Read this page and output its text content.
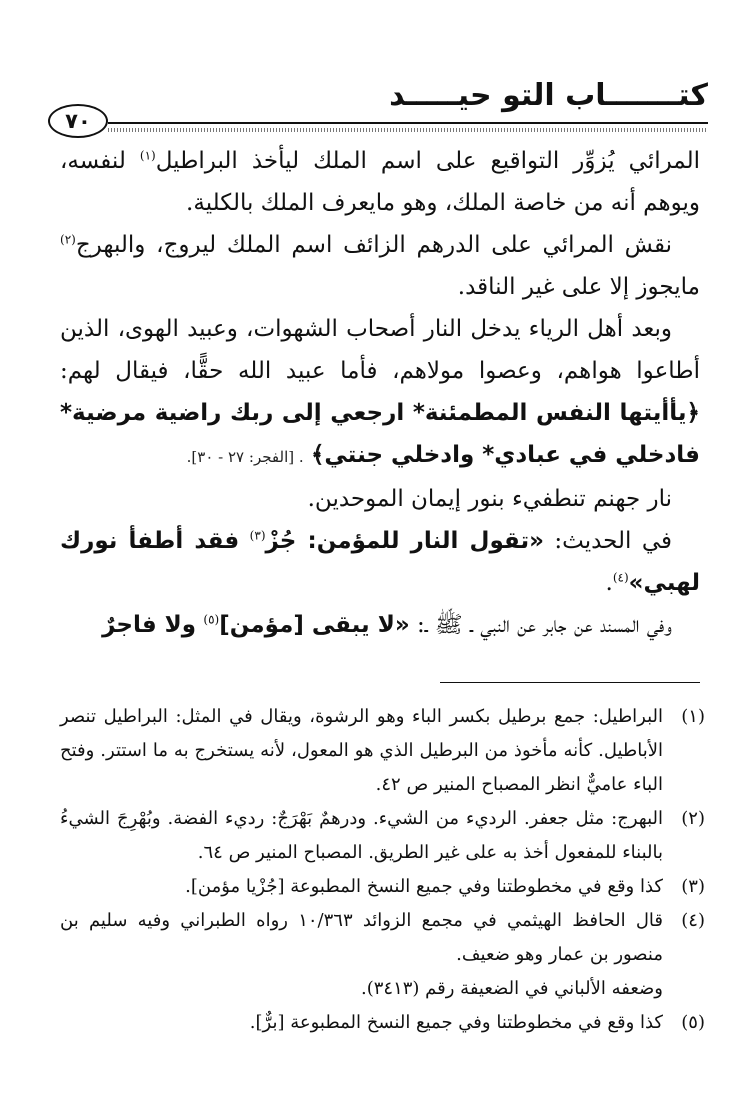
كتـــــــاب التو حيـــــد
٧٠

المرائي يُزوِّر التواقيع على اسم الملك ليأخذ البراطيل$^{(١)}$ لنفسه، ويوهم أنه من خاصة الملك، وهو مايعرف الملك بالكلية.

نقش المرائي على الدرهم الزائف اسم الملك ليروج، والبهرج$^{(٢)}$ مايجوز إلا على غير الناقد.

وبعد أهل الرياء يدخل النار أصحاب الشهوات، وعبيد الهوى، الذين أطاعوا هواهم، وعصوا مولاهم، فأما عبيد الله حقًّا، فيقال لهم: ﴿يأأيتها النفس المطمئنة* ارجعي إلى ربك راضية مرضية* فادخلي في عبادي* وادخلي جنتي﴾ . [الفجر: ٢٧ - ٣٠].

نار جهنم تنطفيء بنور إيمان الموحدين.

في الحديث: «تقول النار للمؤمن: جُزْ$^{(٣)}$ فقد أطفأ نورك لهبي»$^{(٤)}$.

وفي المسند عن جابر عن النبي ـ ﷺ ـ: «لا يبقى [مؤمن]$^{(٥)}$ ولا فاجرٌ

(١)
البراطيل: جمع برطيل بكسر الباء وهو الرشوة، ويقال في المثل: البراطيل تنصر الأباطيل. كأنه مأخوذ من البرطيل الذي هو المعول، لأنه يستخرج به ما استتر. وفتح الباء عاميٌّ انظر المصباح المنير ص ٤٢.
(٢)
البهرج: مثل جعفر. الرديء من الشيء. ودرهمٌ بَهْرَجٌ: رديء الفضة. وبُهْرِجَ الشيءُ بالبناء للمفعول أخذ به على غير الطريق. المصباح المنير ص ٦٤.
(٣)
كذا وقع في مخطوطتنا وفي جميع النسخ المطبوعة [جُزْيا مؤمن].
(٤)
قال الحافظ الهيثمي في مجمع الزوائد ١٠/٣٦٣ رواه الطبراني وفيه سليم بن منصور بن عمار وهو ضعيف.
وضعفه الألباني في الضعيفة رقم (٣٤١٣).
(٥)
كذا وقع في مخطوطتنا وفي جميع النسخ المطبوعة [برٌّ].
